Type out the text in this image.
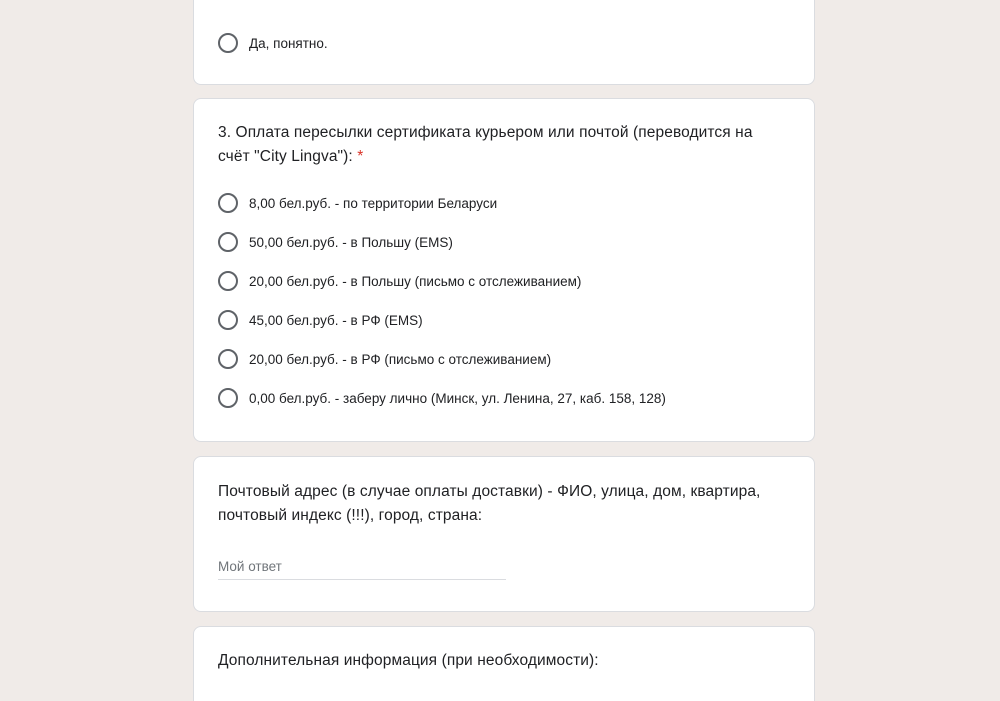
Да, понятно.
3. Оплата пересылки сертификата курьером или почтой (переводится на счёт "City Lingva"): *
8,00 бел.руб. - по территории Беларуси
50,00 бел.руб. - в Польшу (EMS)
20,00 бел.руб. - в Польшу (письмо с отслеживанием)
45,00 бел.руб. - в РФ (EMS)
20,00 бел.руб. - в РФ (письмо с отслеживанием)
0,00 бел.руб. - заберу лично (Минск, ул. Ленина, 27, каб. 158, 128)
Почтовый адрес (в случае оплаты доставки) - ФИО, улица, дом, квартира, почтовый индекс (!!!), город, страна:
Мой ответ
Дополнительная информация (при необходимости):
